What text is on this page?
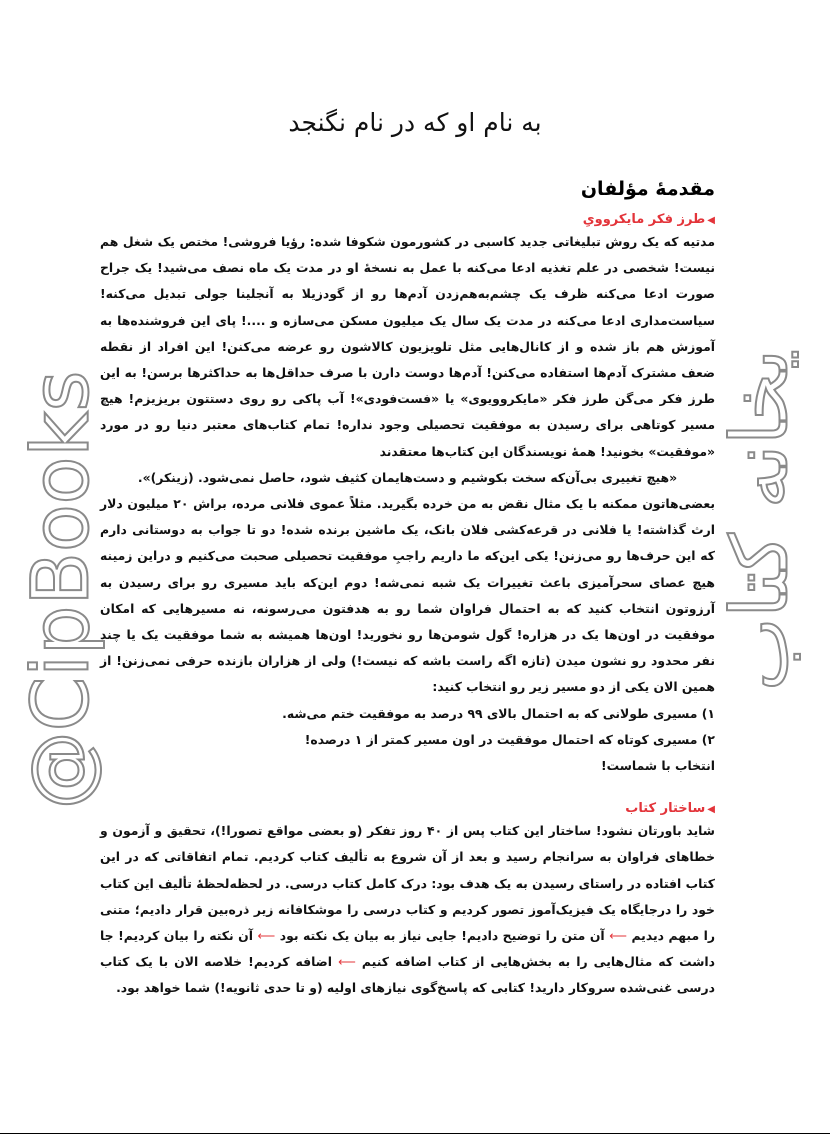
به نام او که در نام نگنجد
مقدمهٔ مؤلفان
◀طرز فکر مایکروویِ

مدتیه که یک روش تبلیغاتی جدید کاسبی در کشورمون شکوفا شده: رؤیا فروشی! مختص یک شغل هم نیست! شخصی در علم تغذیه ادعا می‌کنه با عمل به نسخهٔ او در مدت یک ماه نصف می‌شید! یک جراح صورت ادعا می‌کنه ظرف یک چشم‌به‌هم‌زدن آدم‌ها رو از گودزیلا به آنجلینا جولی تبدیل می‌کنه! سیاست‌مداری ادعا می‌کنه در مدت یک سال یک میلیون مسکن می‌سازه و ....! پای این فروشنده‌ها به آموزش هم باز شده و از کانال‌هایی مثل تلویزیون کالاشون رو عرضه می‌کنن! این افراد از نقطه ضعف مشترک آدم‌ها استفاده می‌کنن! آدم‌ها دوست دارن با صرف حداقل‌ها به حداکثرها برسن! به این طرز فکر می‌گن طرز فکر «مایکروویوی» یا «فست‌فودی»! آب پاکی رو روی دستتون بریزیزم! هیچ مسیر کوتاهی برای رسیدن به موفقیت تحصیلی وجود نداره! تمام کتاب‌های معتبر دنیا رو در مورد «موفقیت» بخونید! همهٔ نویسندگان این کتاب‌ها معتقدند

«هیچ تغییری بی‌آن‌که سخت بکوشیم و دست‌هایمان کثیف شود، حاصل نمی‌شود. (زینکر)».

بعضی‌هاتون ممکنه با یک مثال نقض به من خرده بگیرید. مثلاً عموی فلانی مرده، براش ۲۰ میلیون دلار ارث گذاشته! یا فلانی در قرعه‌کشی فلان بانک، یک ماشین برنده شده! دو تا جواب به دوستانی دارم که این حرف‌ها رو می‌زنن! یکی این‌که ما داریم راجبِ موفقیت تحصیلی صحبت می‌کنیم و دراین زمینه هیچ عصای سحرآمیزی باعث تغییرات یک شبه نمی‌شه! دوم این‌که باید مسیری رو برای رسیدن به آرزوتون انتخاب کنید که به احتمال فراوان شما رو به هدفتون می‌رسونه، نه مسیرهایی که امکان موفقیت در اون‌ها یک در هزاره! گول شومن‌ها رو نخورید! اون‌ها همیشه به شما موفقیت یک یا چند نفر محدود رو نشون میدن (تازه اگه راست باشه که نیست!) ولی از هزاران بازنده حرفی نمی‌زنن! از همین الان یکی از دو مسیر زیر رو انتخاب کنید:

۱) مسیری طولانی که به احتمال بالای ۹۹ درصد به موفقیت ختم می‌شه.

۲) مسیری کوتاه که احتمال موفقیت در اون مسیر کمتر از ۱ درصده!

انتخاب با شماست!

◀ساختار کتاب

شاید باورتان نشود! ساختار این کتاب پس از ۴۰ روز تفکر (و بعضی مواقع تصورا!)، تحقیق و آزمون و خطاهای فراوان به سرانجام رسید و بعد از آن شروع به تألیف کتاب کردیم. تمام اتفاقاتی که در این کتاب افتاده در راستای رسیدن به یک هدف بود: درک کامل کتاب درسی. در لحظه‌لحظهٔ تألیف این کتاب خود را درجایگاه یک فیزیک‌آموز تصور کردیم و کتاب درسی را موشکافانه زیر ذره‌بین قرار دادیم؛ متنی را مبهم دیدیم ⟵ آن متن را توضیح دادیم! جایی نیاز به بیان یک نکته بود ⟵ آن نکته را بیان کردیم! جا داشت که مثال‌هایی را به بخش‌هایی از کتاب اضافه کنیم ⟵ اضافه کردیم! خلاصه الان با یک کتاب درسی غنی‌شده سروکار دارید! کتابی که پاسخ‌گوی نیازهای اولیه (و تا حدی ثانویه!) شما خواهد بود.

@CipBooks	یخانه کتاب
